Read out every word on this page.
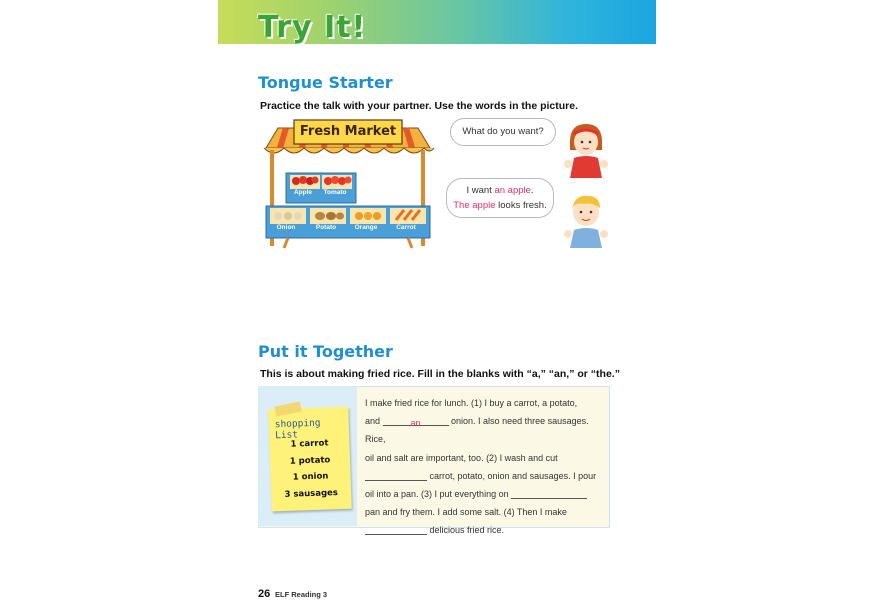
Try It!
Tongue Starter
Practice the talk with your partner. Use the words in the picture.
Fresh Market
Apple	Tomato
Onion	Potato	Orange	Carrot
What do you want?
I want an apple.
The apple looks fresh.
Put it Together
This is about making fried rice. Fill in the blanks with “a,” “an,” or “the.”
shopping List
1 carrot
1 potato
1 onion
3 sausages
I make fried rice for lunch. (1) I buy a carrot, a potato,
and	an	onion. I also need three sausages. Rice,
oil and salt are important, too. (2) I wash and cut
carrot, potato, onion and sausages. I pour
oil into a pan. (3) I put everything on
pan and fry them. I add some salt. (4) Then I make
delicious fried rice.
26 ELF Reading 3
